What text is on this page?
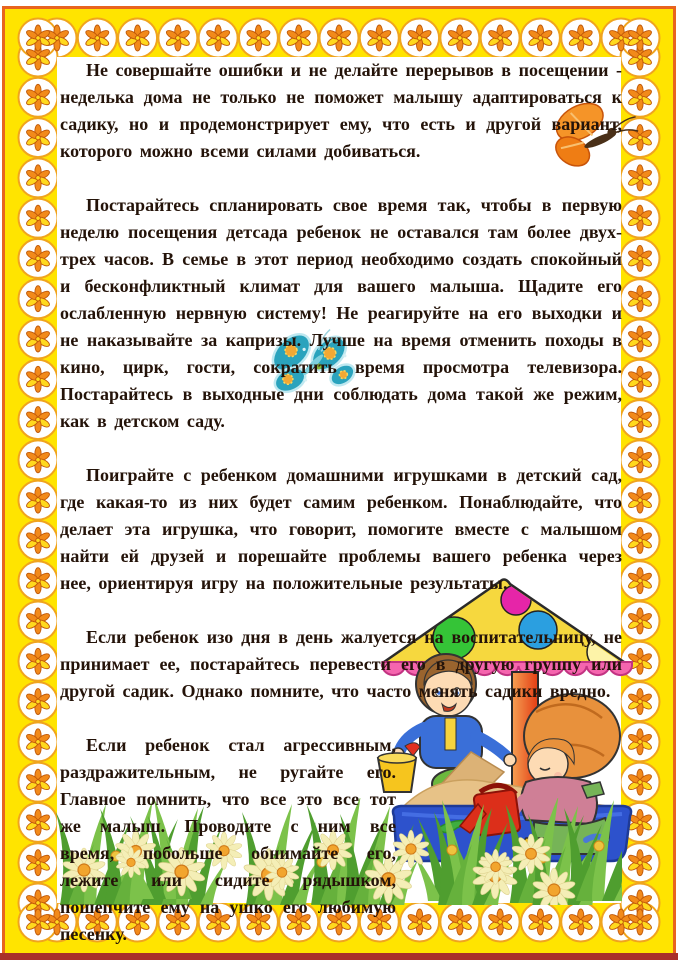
Не совершайте ошибки и не делайте перерывов в посещении - неделька дома не только не поможет малышу адаптироваться к садику, но и продемонстрирует ему, что есть и другой вариант, которого можно всеми силами добиваться.

Постарайтесь спланировать свое время так, чтобы в первую неделю посещения детсада ребенок не оставался там более двух-трех часов. В семье в этот период необходимо создать спокойный и бесконфликтный климат для вашего малыша. Щадите его ослабленную нервную систему! Не реагируйте на его выходки и не наказывайте за капризы. Лучше на время отменить походы в кино, цирк, гости, сократить время просмотра телевизора. Постарайтесь в выходные дни соблюдать дома такой же режим, как в детском саду.

Поиграйте с ребенком домашними игрушками в детский сад, где какая-то из них будет самим ребенком. Понаблюдайте, что делает эта игрушка, что говорит, помогите вместе с малышом найти ей друзей и порешайте проблемы вашего ребенка через нее, ориентируя игру на положительные результаты.

Если ребенок изо дня в день жалуется на воспитательницу, не принимает ее, постарайтесь перевести его в другую группу или другой садик. Однако помните, что часто менять садики вредно.

Если ребенок стал агрессивным, раздражительным, не ругайте его. Главное помнить, что все это все тот же малыш. Проводите с ним все время, побольше обнимайте его, лежите или сидите рядышком, пошепчите ему на ушко его любимую песенку.
